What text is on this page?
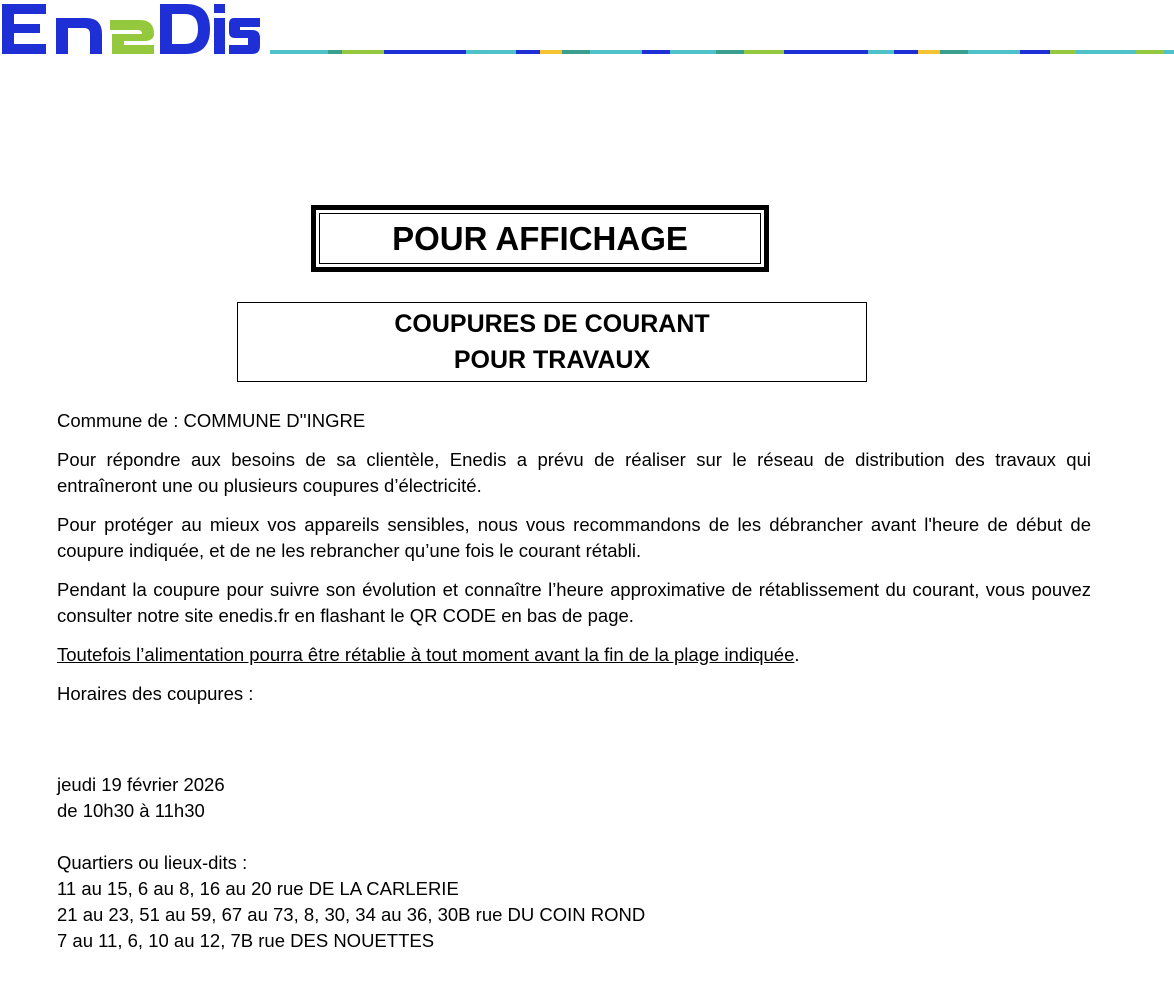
POUR AFFICHAGE
COUPURES DE COURANT
POUR TRAVAUX

Commune de : COMMUNE D''INGRE

Pour répondre aux besoins de sa clientèle, Enedis a prévu de réaliser sur le réseau de distribution des travaux qui entraîneront une ou plusieurs coupures d’électricité.

Pour protéger au mieux vos appareils sensibles, nous vous recommandons de les débrancher avant l'heure de début de coupure indiquée, et de ne les rebrancher qu’une fois le courant rétabli.

Pendant la coupure pour suivre son évolution et connaître l’heure approximative de rétablissement du courant, vous pouvez consulter notre site enedis.fr en flashant le QR CODE en bas de page.

Toutefois l’alimentation pourra être rétablie à tout moment avant la fin de la plage indiquée.

Horaires des coupures :

jeudi 19 février 2026
de 10h30 à 11h30
Quartiers ou lieux-dits :
11 au 15, 6 au 8, 16 au 20 rue DE LA CARLERIE
21 au 23, 51 au 59, 67 au 73, 8, 30, 34 au 36, 30B rue DU COIN ROND
7 au 11, 6, 10 au 12, 7B rue DES NOUETTES
